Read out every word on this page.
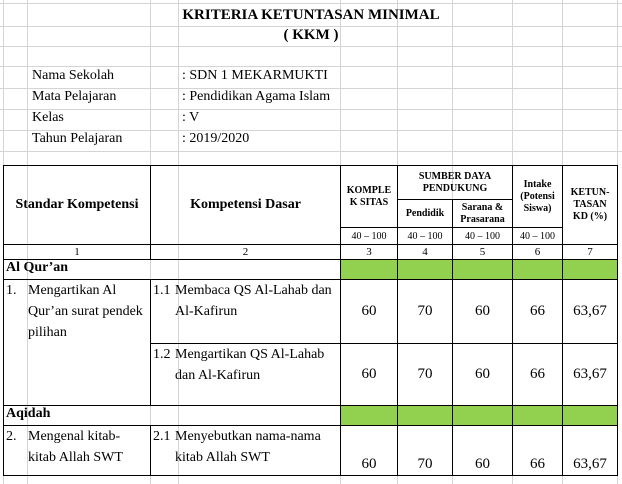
KRITERIA KETUNTASAN MINIMAL
( KKM )
Nama Sekolah	: SDN 1 MEKARMUKTI
Mata Pelajaran	: Pendidikan Agama Islam
Kelas	: V
Tahun Pelajaran	: 2019/2020
Standar Kompetensi	Kompetensi Dasar	KOMPLE K SITAS	SUMBER DAYA PENDUKUNG		Intake (Potensi Siswa)	KETUN-TASAN KD (%)
			Pendidik	Sarana & Prasarana		
		40 – 100	40 – 100	40 – 100	40 – 100	
1	2	3	4	5	6	7
Al Qur’an						

1. Mengartikan Al Qur’an surat pendek pilihan	1.1 Membaca QS Al-Lahab dan Al-Kafirun	60	70	60	66	63,67

	1.2 Mengartikan QS Al-Lahab dan Al-Kafirun	60	70	60	66	63,67
Aqidah						

2. Mengenal kitab-kitab Allah SWT	2.1 Menyebutkan nama-nama kitab Allah SWT	60	70	60	66	63,67
